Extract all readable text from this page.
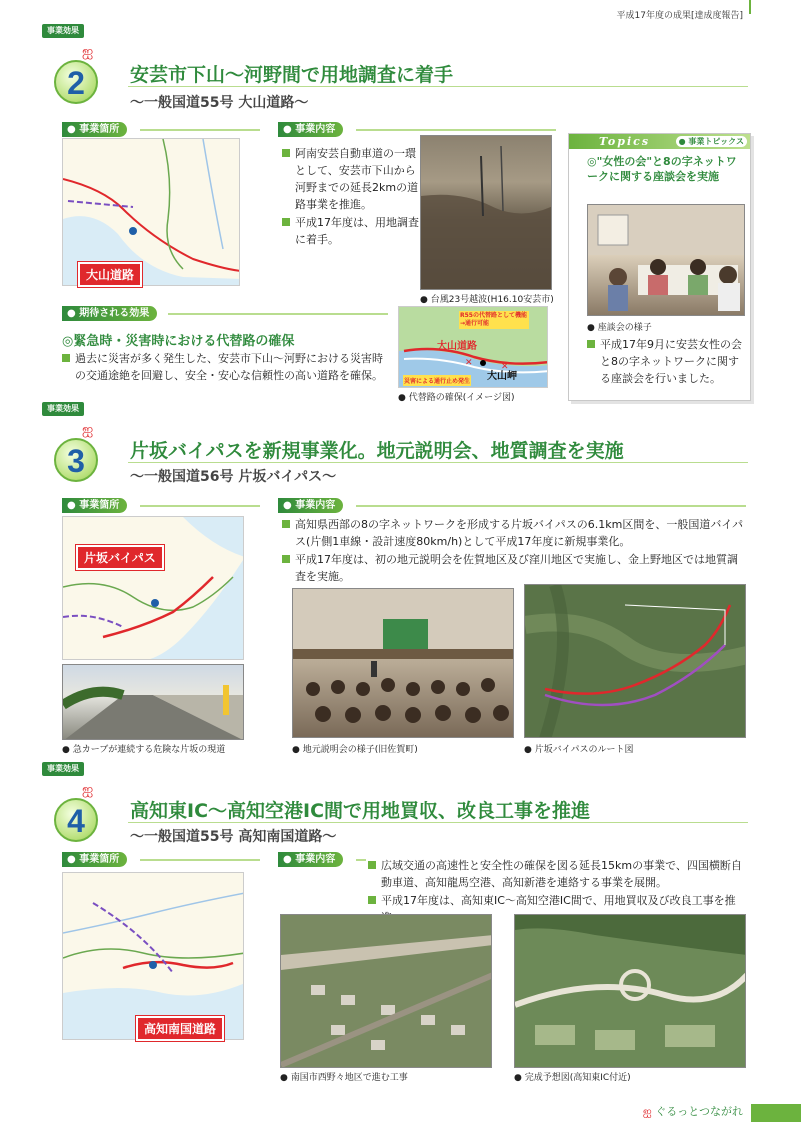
平成17年度の成果[達成度報告]
事業効果
2
ஐ
安芸市下山～河野間で用地調査に着手
～一般国道55号 大山道路～
● 事業箇所
大山道路
● 事業内容
阿南安芸自動車道の一環として、安芸市下山から河野までの延長2kmの道路事業を推進。
平成17年度は、用地調査に着手。
● 台風23号越波(H16.10安芸市)
● 期待される効果
◎緊急時・災害時における代替路の確保
過去に災害が多く発生した、安芸市下山～河野における災害時の交通途絶を回避し、安全・安心な信頼性の高い道路を確保。
✕	✕
R55の代替路として機能→通行可能
大山道路
災害による通行止め発生 大山岬
● 代替路の確保(イメージ図)
Topics	● 事業トピックス
◎"女性の会"と8の字ネットワークに関する座談会を実施
● 座談会の様子
平成17年9月に安芸女性の会と8の字ネットワークに関する座談会を行いました。
事業効果
3
ஐ
片坂バイパスを新規事業化。地元説明会、地質調査を実施
～一般国道56号 片坂バイパス～
● 事業箇所
片坂バイパス
● 急カーブが連続する危険な片坂の現道
● 事業内容
高知県西部の8の字ネットワークを形成する片坂バイパスの6.1km区間を、一般国道バイパス(片側1車線・設計速度80km/h)として平成17年度に新規事業化。
平成17年度は、初の地元説明会を佐賀地区及び窪川地区で実施し、金上野地区では地質調査を実施。
● 地元説明会の様子(旧佐賀町)	● 片坂バイパスのルート図
事業効果
4
ஐ
高知東IC～高知空港IC間で用地買収、改良工事を推進
～一般国道55号 高知南国道路～
● 事業箇所
高知南国道路
● 事業内容	広域交通の高速性と安全性の確保を図る延長15kmの事業で、四国横断自動車道、高知龍馬空港、高知新港を連絡する事業を展開。
平成17年度は、高知東IC～高知空港IC間で、用地買収及び改良工事を推
● 南国市西野々地区で進む工事	● 完成予想図(高知東IC付近)
ஐ ぐるっとつながれ
